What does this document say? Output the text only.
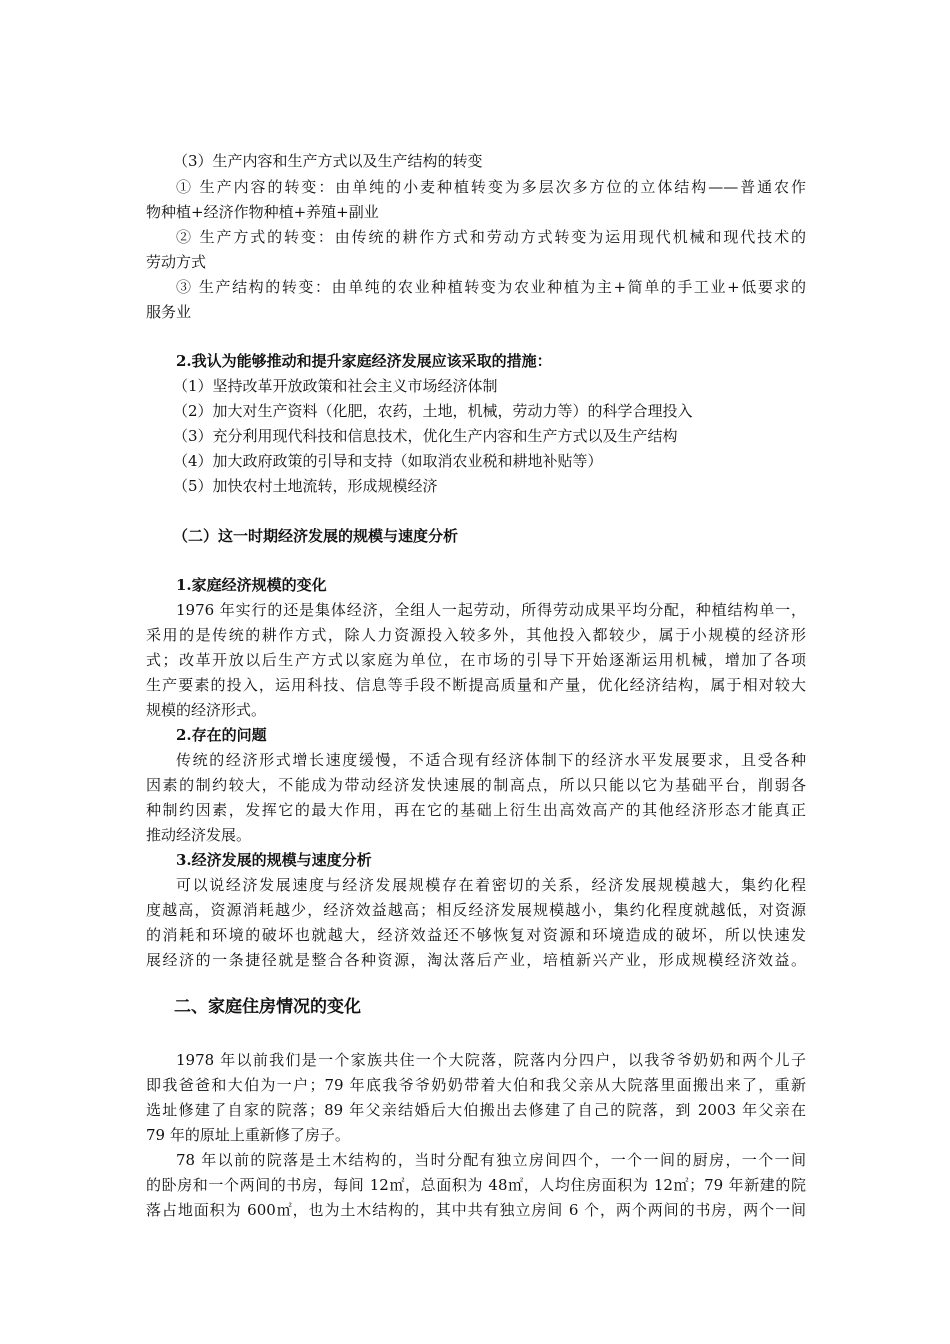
（3）生产内容和生产方式以及生产结构的转变
① 生产内容的转变：由单纯的小麦种植转变为多层次多方位的立体结构——普通农作
物种植+经济作物种植+养殖+副业
② 生产方式的转变：由传统的耕作方式和劳动方式转变为运用现代机械和现代技术的
劳动方式
③ 生产结构的转变：由单纯的农业种植转变为农业种植为主+简单的手工业+低要求的
服务业
2.我认为能够推动和提升家庭经济发展应该采取的措施：
（1）坚持改革开放政策和社会主义市场经济体制
（2）加大对生产资料（化肥，农药，土地，机械，劳动力等）的科学合理投入
（3）充分利用现代科技和信息技术，优化生产内容和生产方式以及生产结构
（4）加大政府政策的引导和支持（如取消农业税和耕地补贴等）
（5）加快农村土地流转，形成规模经济
（二）这一时期经济发展的规模与速度分析
1.家庭经济规模的变化
1976 年实行的还是集体经济，全组人一起劳动，所得劳动成果平均分配，种植结构单一，
采用的是传统的耕作方式，除人力资源投入较多外，其他投入都较少，属于小规模的经济形
式；改革开放以后生产方式以家庭为单位，在市场的引导下开始逐渐运用机械，增加了各项
生产要素的投入，运用科技、信息等手段不断提高质量和产量，优化经济结构，属于相对较大
规模的经济形式。
2.存在的问题
传统的经济形式增长速度缓慢，不适合现有经济体制下的经济水平发展要求，且受各种
因素的制约较大，不能成为带动经济发快速展的制高点，所以只能以它为基础平台，削弱各
种制约因素，发挥它的最大作用，再在它的基础上衍生出高效高产的其他经济形态才能真正
推动经济发展。
3.经济发展的规模与速度分析
可以说经济发展速度与经济发展规模存在着密切的关系，经济发展规模越大，集约化程
度越高，资源消耗越少，经济效益越高；相反经济发展规模越小，集约化程度就越低，对资源
的消耗和环境的破坏也就越大，经济效益还不够恢复对资源和环境造成的破坏，所以快速发
展经济的一条捷径就是整合各种资源，淘汰落后产业，培植新兴产业，形成规模经济效益。
二、家庭住房情况的变化
1978 年以前我们是一个家族共住一个大院落，院落内分四户，以我爷爷奶奶和两个儿子
即我爸爸和大伯为一户；79 年底我爷爷奶奶带着大伯和我父亲从大院落里面搬出来了，重新
选址修建了自家的院落；89 年父亲结婚后大伯搬出去修建了自己的院落，到 2003 年父亲在
79 年的原址上重新修了房子。
78 年以前的院落是土木结构的，当时分配有独立房间四个，一个一间的厨房，一个一间
的卧房和一个两间的书房，每间 12㎡，总面积为 48㎡，人均住房面积为 12㎡；79 年新建的院
落占地面积为 600㎡，也为土木结构的，其中共有独立房间 6 个，两个两间的书房，两个一间
